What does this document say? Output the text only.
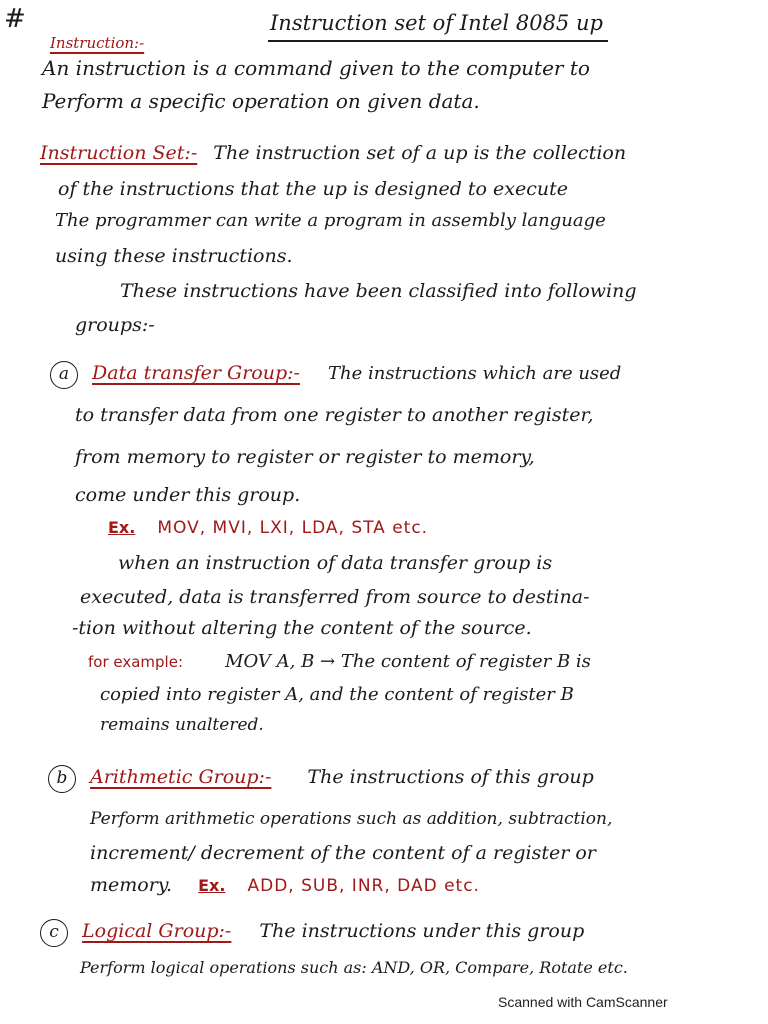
#	Instruction set of Intel 8085 up
Instruction:-
An instruction is a command given to the computer to
Perform a specific operation on given data.
Instruction Set:- The instruction set of a up is the collection
of the instructions that the up is designed to execute
The programmer can write a program in assembly language
using these instructions.
These instructions have been classified into following
groups:-
a Data transfer Group:- The instructions which are used
to transfer data from one register to another register,
from memory to register or register to memory,
come under this group.
Ex. MOV, MVI, LXI, LDA, STA etc.
when an instruction of data transfer group is
executed, data is transferred from source to destina-
-tion without altering the content of the source.
for example: MOV A, B → The content of register B is
copied into register A, and the content of register B
remains unaltered.
b Arithmetic Group:- The instructions of this group
Perform arithmetic operations such as addition, subtraction,
increment/ decrement of the content of a register or
memory. Ex. ADD, SUB, INR, DAD etc.
c Logical Group:- The instructions under this group
Perform logical operations such as: AND, OR, Compare, Rotate etc.
Scanned with CamScanner
